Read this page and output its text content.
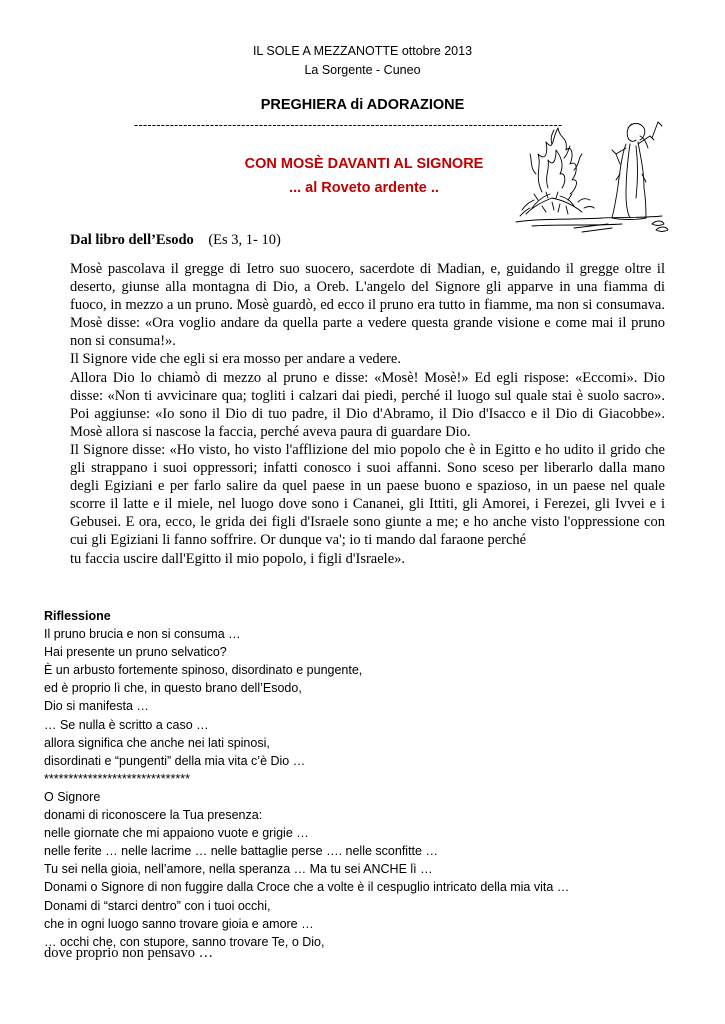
IL SOLE A MEZZANOTTE ottobre 2013
La Sorgente - Cuneo
PREGHIERA di ADORAZIONE
------------------------------------------------------------------------------------------------
CON MOSÈ DAVANTI AL SIGNORE
... al Roveto ardente ..
Dal libro dell’Esodo (Es 3, 1- 10)

Mosè pascolava il gregge di Ietro suo suocero, sacerdote di Madian, e, guidando il gregge oltre il deserto, giunse alla montagna di Dio, a Oreb. L'angelo del Signore gli apparve in una fiamma di fuoco, in mezzo a un pruno. Mosè guardò, ed ecco il pruno era tutto in fiamme, ma non si consumava. Mosè disse: «Ora voglio andare da quella parte a vedere questa grande visione e come mai il pruno non si consuma!».

Il Signore vide che egli si era mosso per andare a vedere.

Allora Dio lo chiamò di mezzo al pruno e disse: «Mosè! Mosè!» Ed egli rispose: «Eccomi». Dio disse: «Non ti avvicinare qua; togliti i calzari dai piedi, perché il luogo sul quale stai è suolo sacro». Poi aggiunse: «Io sono il Dio di tuo padre, il Dio d'Abramo, il Dio d'Isacco e il Dio di Giacobbe». Mosè allora si nascose la faccia, perché aveva paura di guardare Dio.

Il Signore disse: «Ho visto, ho visto l'afflizione del mio popolo che è in Egitto e ho udito il grido che gli strappano i suoi oppressori; infatti conosco i suoi affanni. Sono sceso per liberarlo dalla mano degli Egiziani e per farlo salire da quel paese in un paese buono e spazioso, in un paese nel quale scorre il latte e il miele, nel luogo dove sono i Cananei, gli Ittiti, gli Amorei, i Ferezei, gli Ivvei e i Gebusei. E ora, ecco, le grida dei figli d'Israele sono giunte a me; e ho anche visto l'oppressione con cui gli Egiziani li fanno soffrire. Or dunque va'; io ti mando dal faraone perché

tu faccia uscire dall'Egitto il mio popolo, i figli d'Israele».

Riflessione
Il pruno brucia e non si consuma …
Hai presente un pruno selvatico?
È un arbusto fortemente spinoso, disordinato e pungente,
ed è proprio lì che, in questo brano dell’Esodo,
Dio si manifesta …
… Se nulla è scritto a caso …
allora significa che anche nei lati spinosi,
disordinati e “pungenti” della mia vita c’è Dio …
******************************
O Signore
donami di riconoscere la Tua presenza:
nelle giornate che mi appaiono vuote e grigie …
nelle ferite … nelle lacrime … nelle battaglie perse …. nelle sconfitte …
Tu sei nella gioia, nell’amore, nella speranza … Ma tu sei ANCHE lì …
Donami o Signore di non fuggire dalla Croce che a volte è il cespuglio intricato della mia vita …
Donami di “starci dentro” con i tuoi occhi,
che in ogni luogo sanno trovare gioia e amore …
… occhi che, con stupore, sanno trovare Te, o Dio,
dove proprio non pensavo …
